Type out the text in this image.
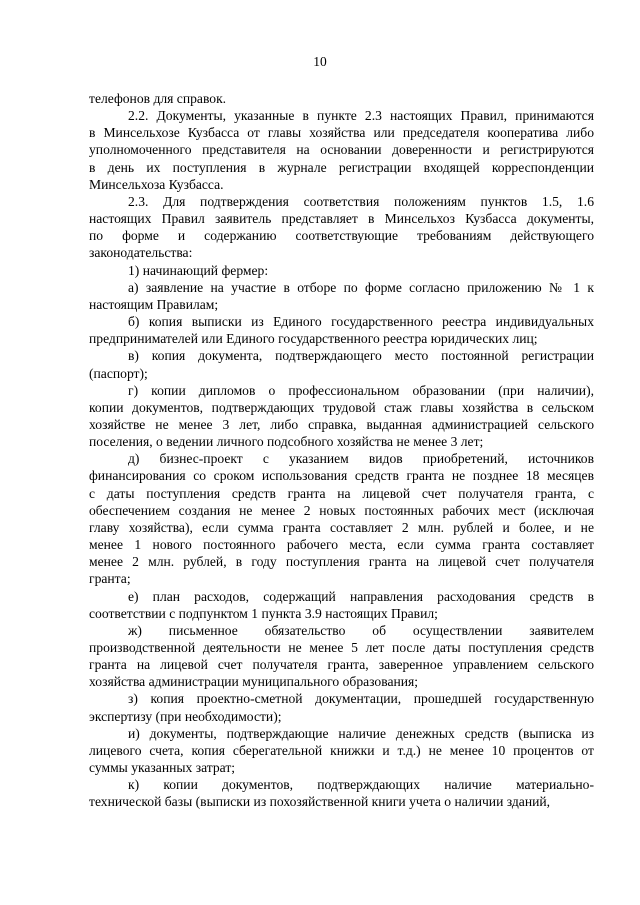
10
телефонов для справок.
2.2. Документы, указанные в пункте 2.3 настоящих Правил, принимаются
в Минсельхозе Кузбасса от главы хозяйства или председателя кооператива либо
уполномоченного представителя на основании доверенности и регистрируются
в день их поступления в журнале регистрации входящей корреспонденции
Минсельхоза Кузбасса.
2.3. Для подтверждения соответствия положениям пунктов 1.5, 1.6
настоящих Правил заявитель представляет в Минсельхоз Кузбасса документы,
по форме и содержанию соответствующие требованиям действующего
законодательства:
1) начинающий фермер:
а) заявление на участие в отборе по форме согласно приложению № 1 к
настоящим Правилам;
б) копия выписки из Единого государственного реестра индивидуальных
предпринимателей или Единого государственного реестра юридических лиц;
в) копия документа, подтверждающего место постоянной регистрации
(паспорт);
г) копии дипломов о профессиональном образовании (при наличии),
копии документов, подтверждающих трудовой стаж главы хозяйства в сельском
хозяйстве не менее 3 лет, либо справка, выданная администрацией сельского
поселения, о ведении личного подсобного хозяйства не менее 3 лет;
д) бизнес-проект с указанием видов приобретений, источников
финансирования со сроком использования средств гранта не позднее 18 месяцев
с даты поступления средств гранта на лицевой счет получателя гранта, с
обеспечением создания не менее 2 новых постоянных рабочих мест (исключая
главу хозяйства), если сумма гранта составляет 2 млн. рублей и более, и не
менее 1 нового постоянного рабочего места, если сумма гранта составляет
менее 2 млн. рублей, в году поступления гранта на лицевой счет получателя
гранта;
е) план расходов, содержащий направления расходования средств в
соответствии с подпунктом 1 пункта 3.9 настоящих Правил;
ж) письменное обязательство об осуществлении заявителем
производственной деятельности не менее 5 лет после даты поступления средств
гранта на лицевой счет получателя гранта, заверенное управлением сельского
хозяйства администрации муниципального образования;
з) копия проектно-сметной документации, прошедшей государственную
экспертизу (при необходимости);
и) документы, подтверждающие наличие денежных средств (выписка из
лицевого счета, копия сберегательной книжки и т.д.) не менее 10 процентов от
суммы указанных затрат;
к) копии документов, подтверждающих наличие материально-
технической базы (выписки из похозяйственной книги учета о наличии зданий,
